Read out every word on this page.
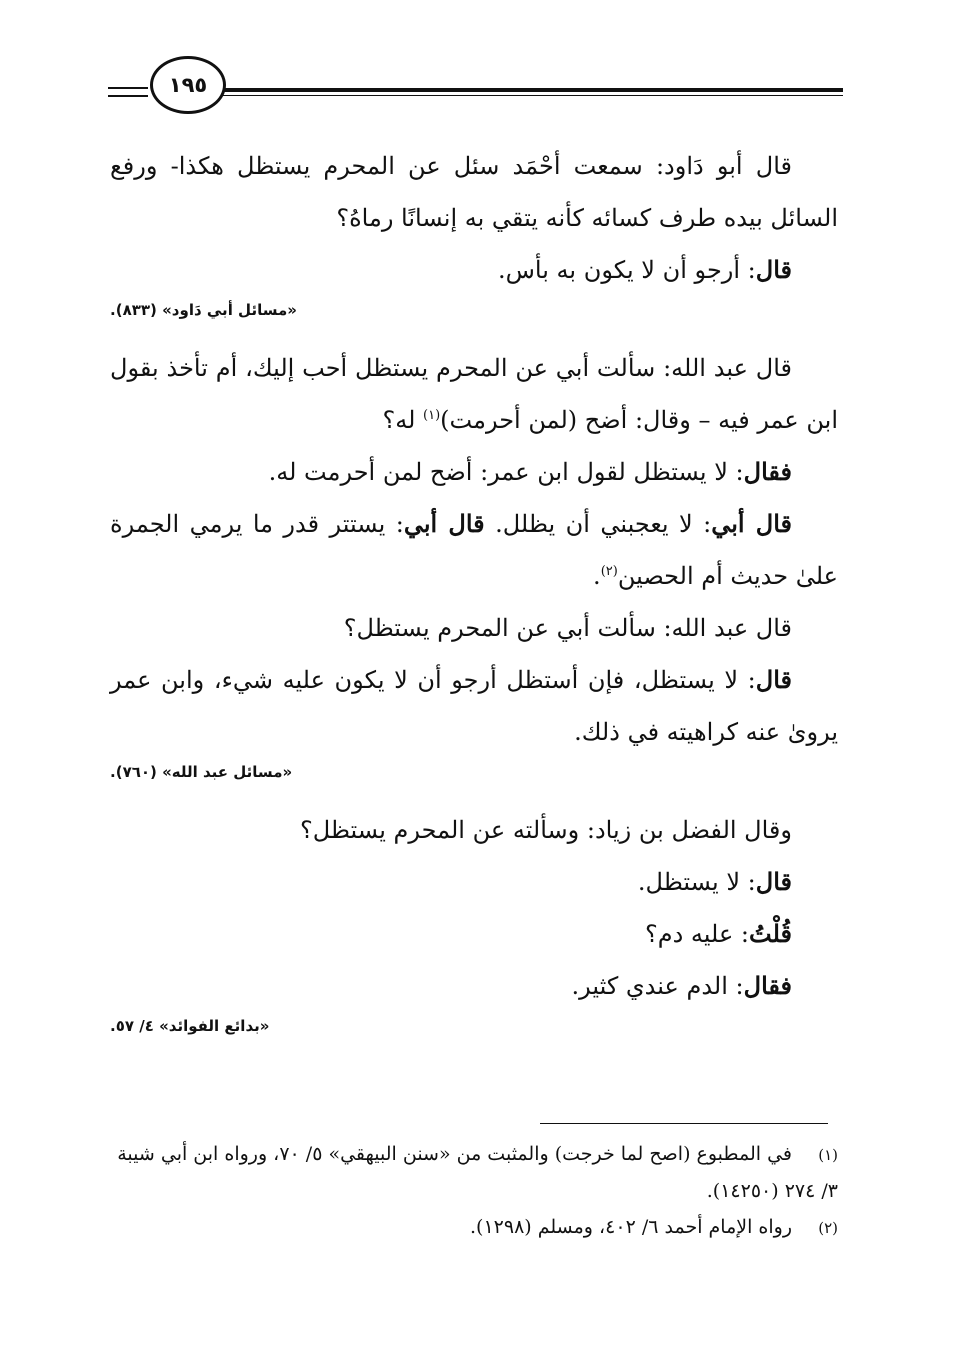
١٩٥

قال أبو دَاود: سمعت أحْمَد سئل عن المحرم يستظل هكذا- ورفع السائل بيده طرف كسائه كأنه يتقي به إنسانًا رماهُ؟

قال: أرجو أن لا يكون به بأس.

«مسائل أبي دَاود» (٨٣٣).

قال عبد الله: سألت أبي عن المحرم يستظل أحب إليك، أم تأخذ بقول ابن عمر فيه – وقال: أضح (لمن أحرمت)$^{(١)}$ له؟

فقال: لا يستظل لقول ابن عمر: أضح لمن أحرمت له.

قال أبي: لا يعجبني أن يظلل. قال أبي: يستتر قدر ما يرمي الجمرة علىٰ حديث أم الحصين$^{(٢)}$.

قال عبد الله: سألت أبي عن المحرم يستظل؟

قال: لا يستظل، فإن أستظل أرجو أن لا يكون عليه شيء، وابن عمر يرویٰ عنه كراهيته في ذلك.

«مسائل عبد الله» (٧٦٠).

وقال الفضل بن زياد: وسألته عن المحرم يستظل؟

قال: لا يستظل.

قُلْتُ: عليه دم؟

فقال: الدم عندي كثير.

«بدائع الفوائد» ٤/ ٥٧.

(١)في المطبوع (اصح لما خرجت) والمثبت من «سنن البيهقي» ٥/ ٧٠، ورواه ابن أبي شيبة ٣/ ٢٧٤ (١٤٢٥٠).

(٢)رواه الإمام أحمد ٦/ ٤٠٢، ومسلم (١٢٩٨).
